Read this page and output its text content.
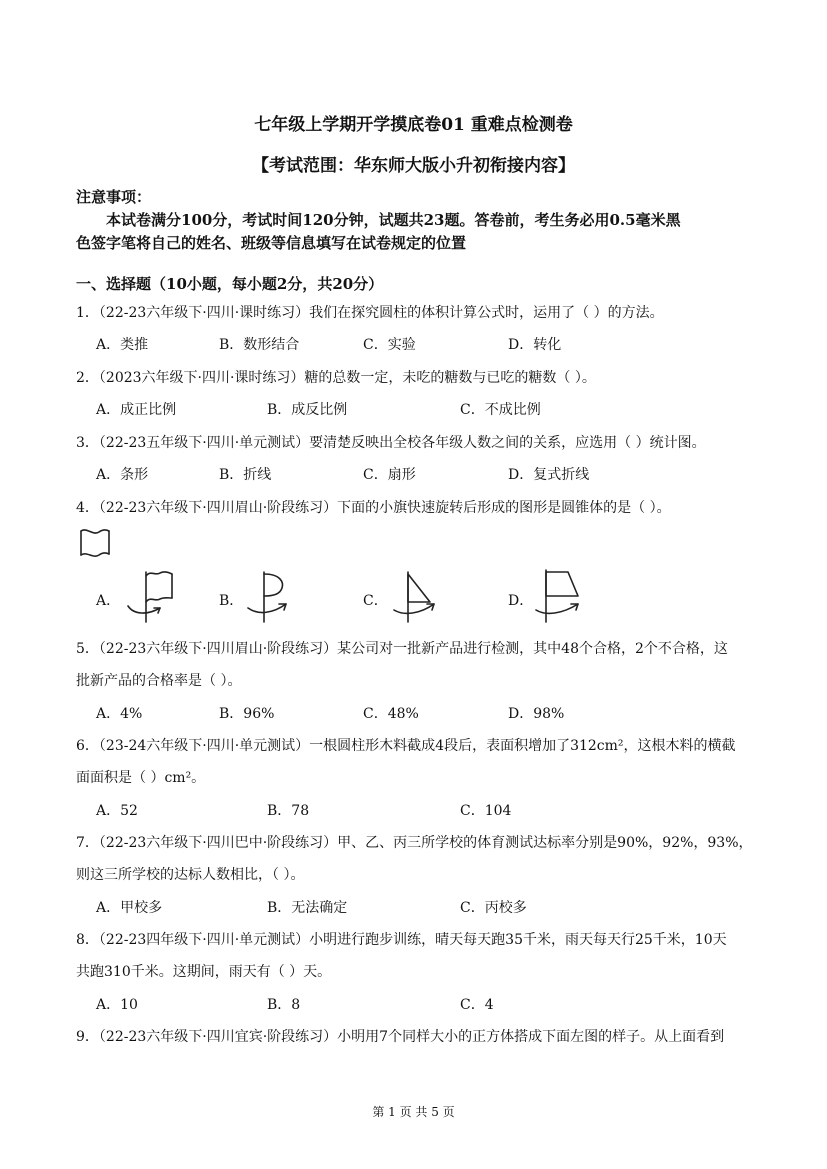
七年级上学期开学摸底卷01 重难点检测卷
【考试范围：华东师大版小升初衔接内容】
注意事项：
本试卷满分100分，考试时间120分钟，试题共23题。答卷前，考生务必用0.5毫米黑
色签字笔将自己的姓名、班级等信息填写在试卷规定的位置
一、选择题（10小题，每小题2分，共20分）
1．（22-23六年级下·四川·课时练习）我们在探究圆柱的体积计算公式时，运用了（ ）的方法。
A．类推	B．数形结合	C．实验	D．转化
2．（2023六年级下·四川·课时练习）糖的总数一定，未吃的糖数与已吃的糖数（ ）。
A．成正比例	B．成反比例	C．不成比例
3．（22-23五年级下·四川·单元测试）要清楚反映出全校各年级人数之间的关系，应选用（ ）统计图。
A．条形	B．折线	C．扇形	D．复式折线
4．（22-23六年级下·四川眉山·阶段练习）下面的小旗快速旋转后形成的图形是圆锥体的是（ ）。
A．	B．	C．	D．
5．（22-23六年级下·四川眉山·阶段练习）某公司对一批新产品进行检测，其中48个合格，2个不合格，这
批新产品的合格率是（ ）。
A．4%	B．96%	C．48%	D．98%
6．（23-24六年级下·四川·单元测试）一根圆柱形木料截成4段后，表面积增加了312cm²，这根木料的横截
面面积是（ ）cm²。
A．52	B．78	C．104
7．（22-23六年级下·四川巴中·阶段练习）甲、乙、丙三所学校的体育测试达标率分别是90%，92%，93%，
则这三所学校的达标人数相比，（ ）。
A．甲校多	B．无法确定	C．丙校多
8．（22-23四年级下·四川·单元测试）小明进行跑步训练，晴天每天跑35千米，雨天每天行25千米，10天
共跑310千米。这期间，雨天有（ ）天。
A．10	B．8	C．4
9．（22-23六年级下·四川宜宾·阶段练习）小明用7个同样大小的正方体搭成下面左图的样子。从上面看到
第 1 页 共 5 页
